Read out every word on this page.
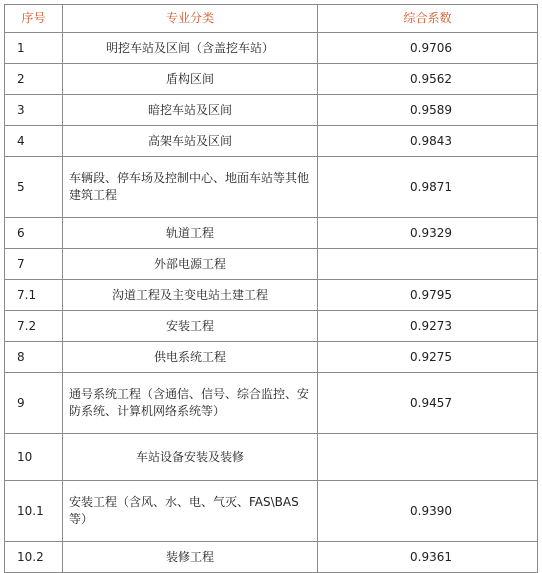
序号	专业分类	综合系数
1	明挖车站及区间（含盖挖车站）	0.9706
2	盾构区间	0.9562
3	暗挖车站及区间	0.9589
4	高架车站及区间	0.9843
5	车辆段、停车场及控制中心、地面车站等其他建筑工程	0.9871
6	轨道工程	0.9329
7	外部电源工程	
7.1	沟道工程及主变电站土建工程	0.9795
7.2	安装工程	0.9273
8	供电系统工程	0.9275
9	通号系统工程（含通信、信号、综合监控、安防系统、计算机网络系统等）	0.9457
10	车站设备安装及装修	
10.1	安装工程（含风、水、电、气灭、FAS\BAS 等）	0.9390
10.2	装修工程	0.9361
